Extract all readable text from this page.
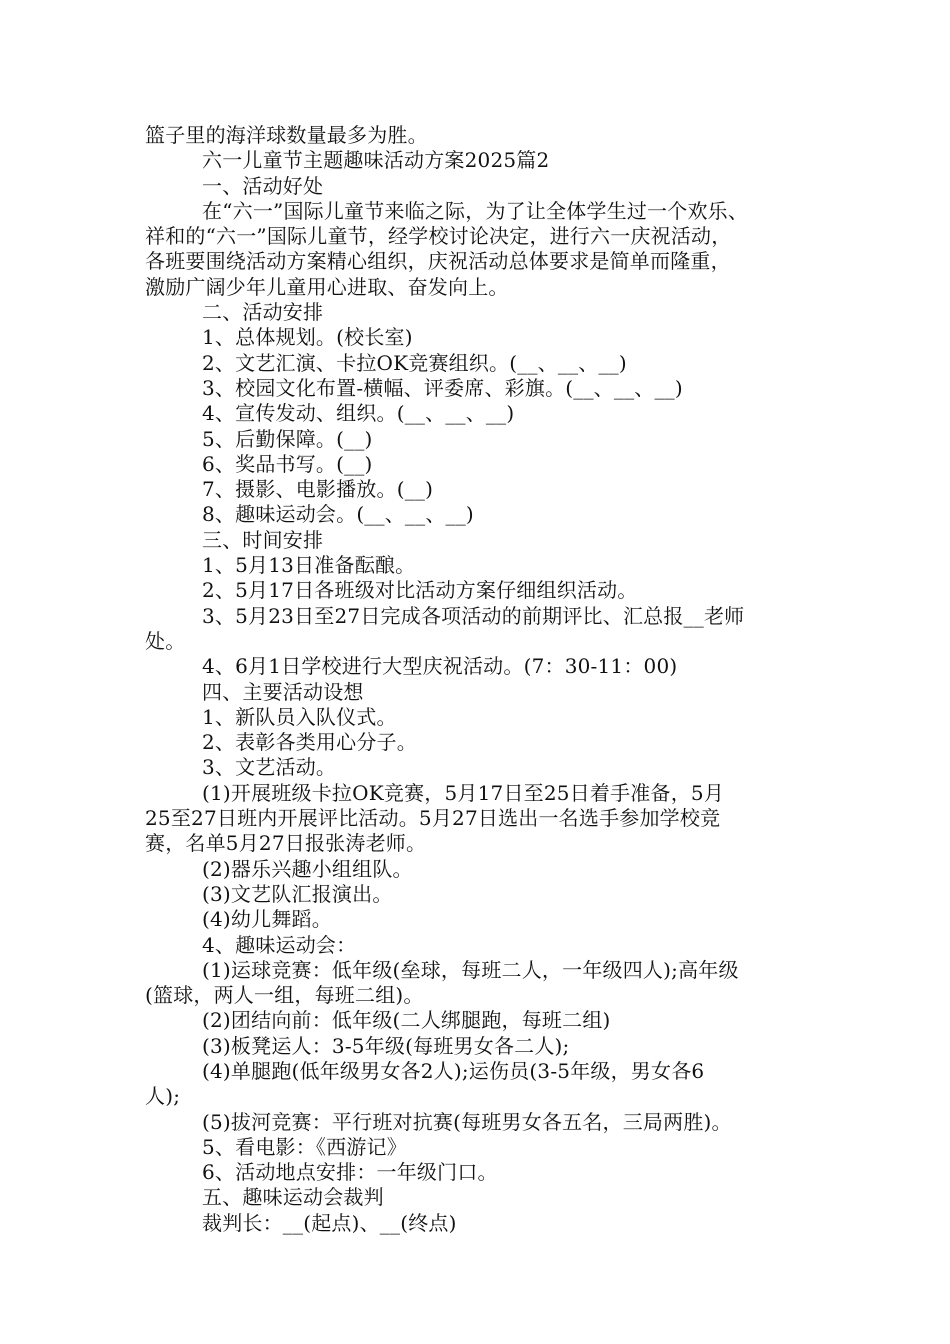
篮子里的海洋球数量最多为胜。
六一儿童节主题趣味活动方案2025篇2
一、活动好处
在“六一”国际儿童节来临之际，为了让全体学生过一个欢乐、
祥和的“六一”国际儿童节，经学校讨论决定，进行六一庆祝活动，
各班要围绕活动方案精心组织，庆祝活动总体要求是简单而隆重，
激励广阔少年儿童用心进取、奋发向上。
二、活动安排
1、总体规划。(校长室)
2、文艺汇演、卡拉OK竞赛组织。(__、__、__)
3、校园文化布置-横幅、评委席、彩旗。(__、__、__)
4、宣传发动、组织。(__、__、__)
5、后勤保障。(__)
6、奖品书写。(__)
7、摄影、电影播放。(__)
8、趣味运动会。(__、__、__)
三、时间安排
1、5月13日准备酝酿。
2、5月17日各班级对比活动方案仔细组织活动。
3、5月23日至27日完成各项活动的前期评比、汇总报__老师
处。
4、6月1日学校进行大型庆祝活动。(7：30-11：00)
四、主要活动设想
1、新队员入队仪式。
2、表彰各类用心分子。
3、文艺活动。
(1)开展班级卡拉OK竞赛，5月17日至25日着手准备，5月
25至27日班内开展评比活动。5月27日选出一名选手参加学校竞
赛，名单5月27日报张涛老师。
(2)器乐兴趣小组组队。
(3)文艺队汇报演出。
(4)幼儿舞蹈。
4、趣味运动会：
(1)运球竞赛：低年级(垒球，每班二人，一年级四人);高年级
(篮球，两人一组，每班二组)。
(2)团结向前：低年级(二人绑腿跑，每班二组)
(3)板凳运人：3-5年级(每班男女各二人);
(4)单腿跑(低年级男女各2人);运伤员(3-5年级，男女各6
人);
(5)拔河竞赛：平行班对抗赛(每班男女各五名，三局两胜)。
5、看电影：《西游记》
6、活动地点安排：一年级门口。
五、趣味运动会裁判
裁判长：__(起点)、__(终点)
